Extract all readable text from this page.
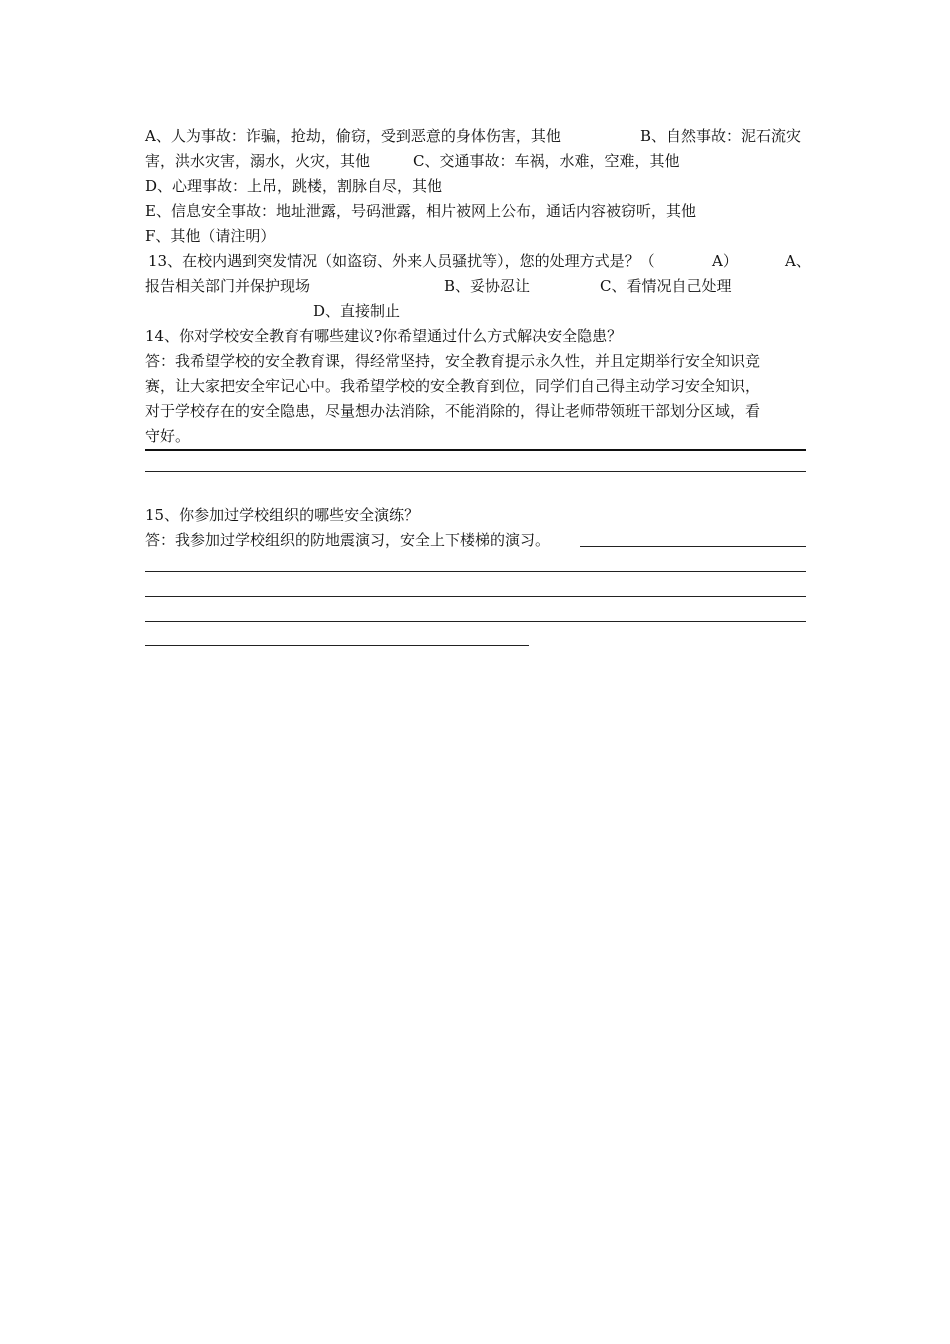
A、人为事故：诈骗，抢劫，偷窃，受到恶意的身体伤害，其他	B、自然事故：泥石流灾
害，洪水灾害，溺水，火灾，其他	C、交通事故：车祸，水难，空难，其他
D、心理事故：上吊，跳楼，割脉自尽，其他
E、信息安全事故：地址泄露，号码泄露，相片被网上公布，通话内容被窃听，其他
F、其他（请注明）
13、在校内遇到突发情况（如盗窃、外来人员骚扰等），您的处理方式是？（	A）	A、
报告相关部门并保护现场	B、妥协忍让	C、看情况自己处理
D、直接制止
14、你对学校安全教育有哪些建议?你希望通过什么方式解决安全隐患？
答：我希望学校的安全教育课，得经常坚持，安全教育提示永久性，并且定期举行安全知识竞
赛，让大家把安全牢记心中。我希望学校的安全教育到位，同学们自己得主动学习安全知识，
对于学校存在的安全隐患，尽量想办法消除，不能消除的，得让老师带领班干部划分区域，看
守好。
15、你参加过学校组织的哪些安全演练？
答：我参加过学校组织的防地震演习，安全上下楼梯的演习。
